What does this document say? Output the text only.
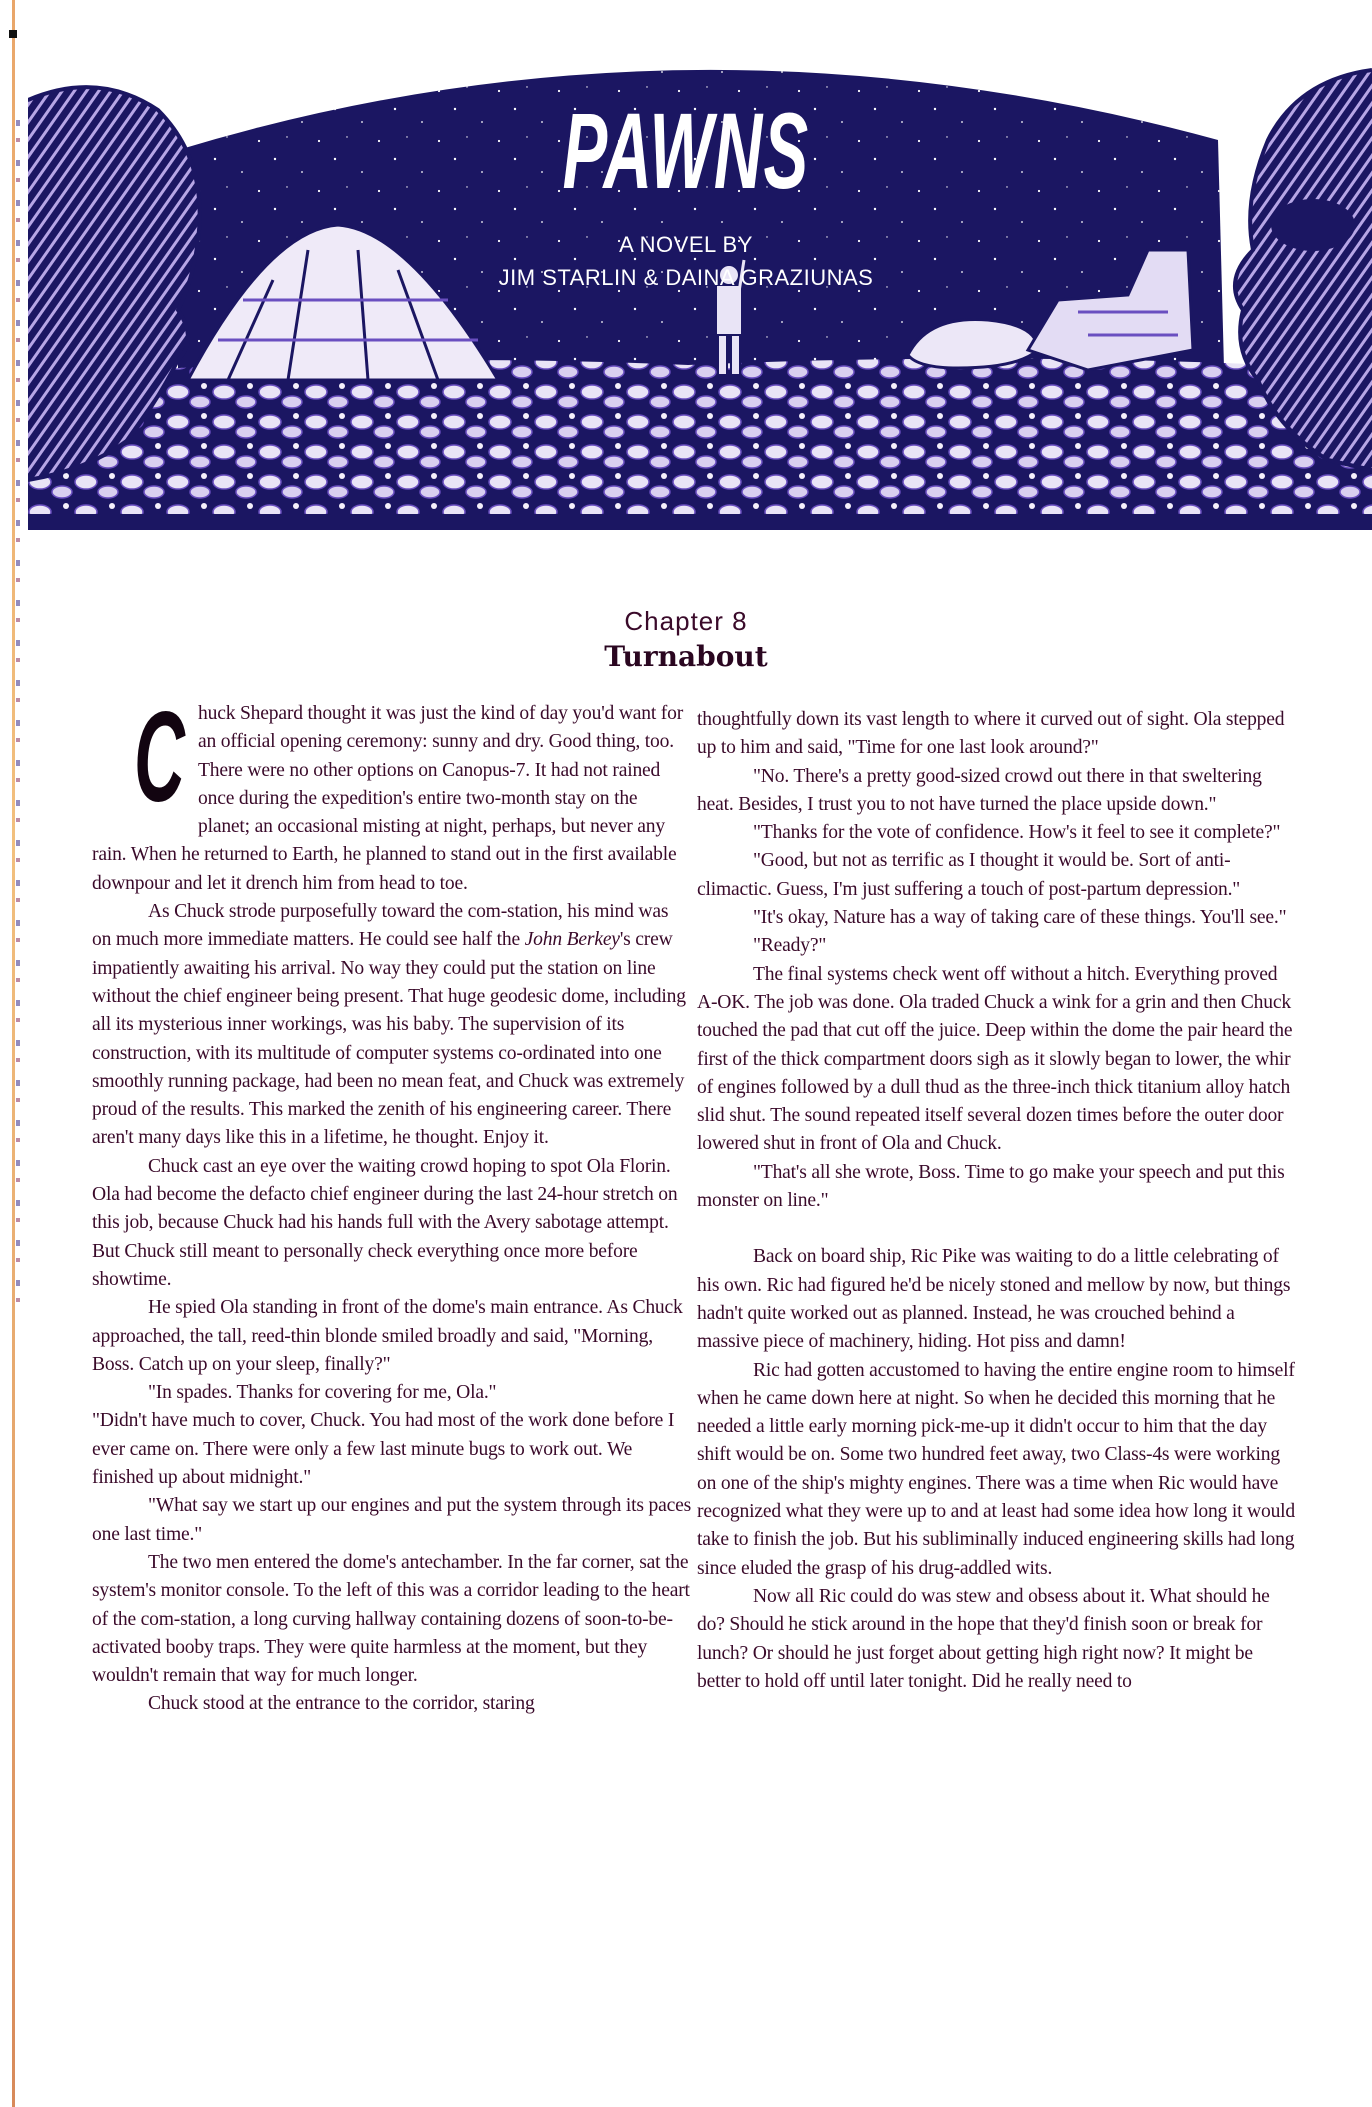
PAWNS
A NOVEL BY
JIM STARLIN & DAINA GRAZIUNAS
Chapter 8
Turnabout
C huck Shepard thought it was just the kind of day you'd want for an official opening ceremony: sunny and dry. Good thing, too. There were no other options on Canopus-7. It had not rained once during the expedition's entire two-month stay on the planet; an occasional misting at night, perhaps, but never any rain. When he returned to Earth, he planned to stand out in the first available downpour and let it drench him from head to toe.

As Chuck strode purposefully toward the com-station, his mind was on much more immediate matters. He could see half the John Berkey's crew impatiently awaiting his arrival. No way they could put the station on line without the chief engineer being present. That huge geodesic dome, including all its mysterious inner workings, was his baby. The supervision of its construction, with its multitude of computer systems co-ordinated into one smoothly running package, had been no mean feat, and Chuck was extremely proud of the results. This marked the zenith of his engineering career. There aren't many days like this in a lifetime, he thought. Enjoy it.

Chuck cast an eye over the waiting crowd hoping to spot Ola Florin. Ola had become the defacto chief engineer during the last 24-hour stretch on this job, because Chuck had his hands full with the Avery sabotage attempt. But Chuck still meant to personally check everything once more before showtime.

He spied Ola standing in front of the dome's main entrance. As Chuck approached, the tall, reed-thin blonde smiled broadly and said, "Morning, Boss. Catch up on your sleep, finally?"

"In spades. Thanks for covering for me, Ola."

"Didn't have much to cover, Chuck. You had most of the work done before I ever came on. There were only a few last minute bugs to work out. We finished up about midnight."

"What say we start up our engines and put the system through its paces one last time."

The two men entered the dome's antechamber. In the far corner, sat the system's monitor console. To the left of this was a corridor leading to the heart of the com-station, a long curving hallway containing dozens of soon-to-be-activated booby traps. They were quite harmless at the moment, but they wouldn't remain that way for much longer.

Chuck stood at the entrance to the corridor, staring

thoughtfully down its vast length to where it curved out of sight. Ola stepped up to him and said, "Time for one last look around?"

"No. There's a pretty good-sized crowd out there in that sweltering heat. Besides, I trust you to not have turned the place upside down."

"Thanks for the vote of confidence. How's it feel to see it complete?"

"Good, but not as terrific as I thought it would be. Sort of anti-climactic. Guess, I'm just suffering a touch of post-partum depression."

"It's okay, Nature has a way of taking care of these things. You'll see."

"Ready?"

The final systems check went off without a hitch. Everything proved A-OK. The job was done. Ola traded Chuck a wink for a grin and then Chuck touched the pad that cut off the juice. Deep within the dome the pair heard the first of the thick compartment doors sigh as it slowly began to lower, the whir of engines followed by a dull thud as the three-inch thick titanium alloy hatch slid shut. The sound repeated itself several dozen times before the outer door lowered shut in front of Ola and Chuck.

"That's all she wrote, Boss. Time to go make your speech and put this monster on line."

Back on board ship, Ric Pike was waiting to do a little celebrating of his own. Ric had figured he'd be nicely stoned and mellow by now, but things hadn't quite worked out as planned. Instead, he was crouched behind a massive piece of machinery, hiding. Hot piss and damn!

Ric had gotten accustomed to having the entire engine room to himself when he came down here at night. So when he decided this morning that he needed a little early morning pick-me-up it didn't occur to him that the day shift would be on. Some two hundred feet away, two Class-4s were working on one of the ship's mighty engines. There was a time when Ric would have recognized what they were up to and at least had some idea how long it would take to finish the job. But his subliminally induced engineering skills had long since eluded the grasp of his drug-addled wits.

Now all Ric could do was stew and obsess about it. What should he do? Should he stick around in the hope that they'd finish soon or break for lunch? Or should he just forget about getting high right now? It might be better to hold off until later tonight. Did he really need to
